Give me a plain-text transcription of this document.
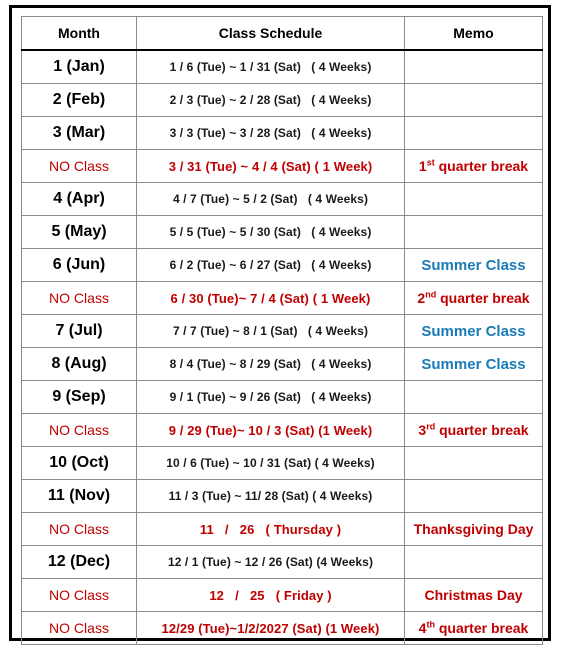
Month	Class Schedule	Memo
1 (Jan)	1 / 6 (Tue) ~ 1 / 31 (Sat)   ( 4 Weeks)	
2 (Feb)	2 / 3 (Tue) ~ 2 / 28 (Sat)   ( 4 Weeks)	
3 (Mar)	3 / 3 (Tue) ~ 3 / 28 (Sat)   ( 4 Weeks)	
NO Class	3 / 31 (Tue) ~ 4 / 4 (Sat) ( 1 Week)	1st quarter break
4 (Apr)	4 / 7 (Tue) ~ 5 / 2 (Sat)   ( 4 Weeks)	
5 (May)	5 / 5 (Tue) ~ 5 / 30 (Sat)   ( 4 Weeks)	
6 (Jun)	6 / 2 (Tue) ~ 6 / 27 (Sat)   ( 4 Weeks)	Summer Class
NO Class	6 / 30 (Tue)~ 7 / 4 (Sat) ( 1 Week)	2nd quarter break
7 (Jul)	7 / 7 (Tue) ~ 8 / 1 (Sat)   ( 4 Weeks)	Summer Class
8 (Aug)	8 / 4 (Tue) ~ 8 / 29 (Sat)   ( 4 Weeks)	Summer Class
9 (Sep)	9 / 1 (Tue) ~ 9 / 26 (Sat)   ( 4 Weeks)	
NO Class	9 / 29 (Tue)~ 10 / 3 (Sat) (1 Week)	3rd quarter break
10 (Oct)	10 / 6 (Tue) ~ 10 / 31 (Sat) ( 4 Weeks)	
11 (Nov)	11 / 3 (Tue) ~ 11/ 28 (Sat) ( 4 Weeks)	
NO Class	11   /   26   ( Thursday )	Thanksgiving Day
12 (Dec)	12 / 1 (Tue) ~ 12 / 26 (Sat) (4 Weeks)	
NO Class	12   /   25   ( Friday )	Christmas Day
NO Class	12/29 (Tue)~1/2/2027 (Sat) (1 Week)	4th quarter break
